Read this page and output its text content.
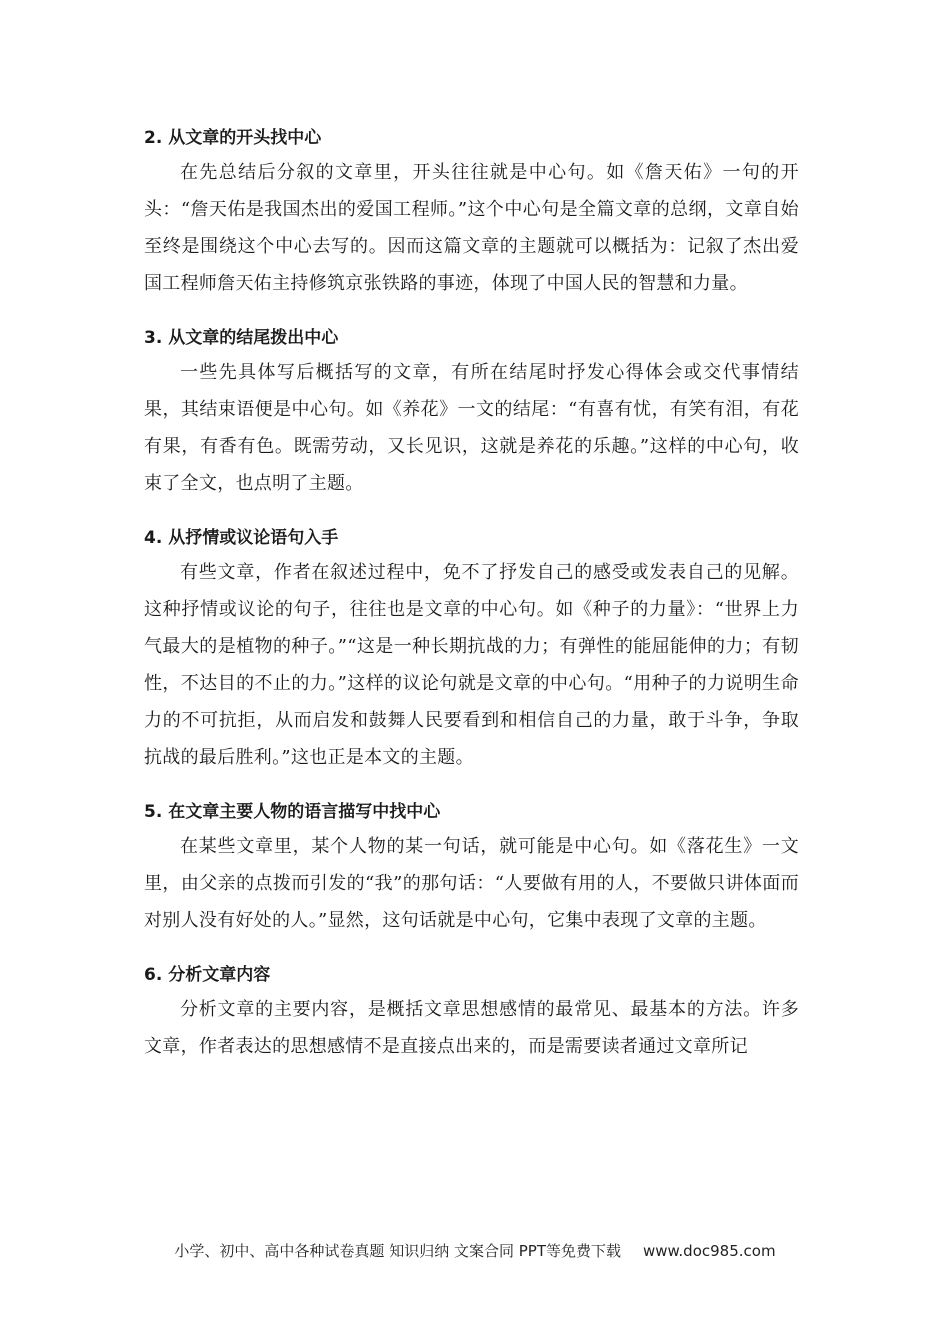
2. 从文章的开头找中心

在先总结后分叙的文章里，开头往往就是中心句。如《詹天佑》一句的开头：“詹天佑是我国杰出的爱国工程师。”这个中心句是全篇文章的总纲，文章自始至终是围绕这个中心去写的。因而这篇文章的主题就可以概括为：记叙了杰出爱国工程师詹天佑主持修筑京张铁路的事迹，体现了中国人民的智慧和力量。

3. 从文章的结尾拨出中心

一些先具体写后概括写的文章，有所在结尾时抒发心得体会或交代事情结果，其结束语便是中心句。如《养花》一文的结尾：“有喜有忧，有笑有泪，有花有果，有香有色。既需劳动，又长见识，这就是养花的乐趣。”这样的中心句，收束了全文，也点明了主题。

4. 从抒情或议论语句入手

有些文章，作者在叙述过程中，免不了抒发自己的感受或发表自己的见解。这种抒情或议论的句子，往往也是文章的中心句。如《种子的力量》：“世界上力气最大的是植物的种子。”“这是一种长期抗战的力；有弹性的能屈能伸的力；有韧性，不达目的不止的力。”这样的议论句就是文章的中心句。“用种子的力说明生命力的不可抗拒，从而启发和鼓舞人民要看到和相信自己的力量，敢于斗争，争取抗战的最后胜利。”这也正是本文的主题。

5. 在文章主要人物的语言描写中找中心

在某些文章里，某个人物的某一句话，就可能是中心句。如《落花生》一文里，由父亲的点拨而引发的“我”的那句话：“人要做有用的人，不要做只讲体面而对别人没有好处的人。”显然，这句话就是中心句，它集中表现了文章的主题。

6. 分析文章内容

分析文章的主要内容，是概括文章思想感情的最常见、最基本的方法。许多文章，作者表达的思想感情不是直接点出来的，而是需要读者通过文章所记

小学、初中、高中各种试卷真题 知识归纳 文案合同 PPT等免费下载 www.doc985.com
